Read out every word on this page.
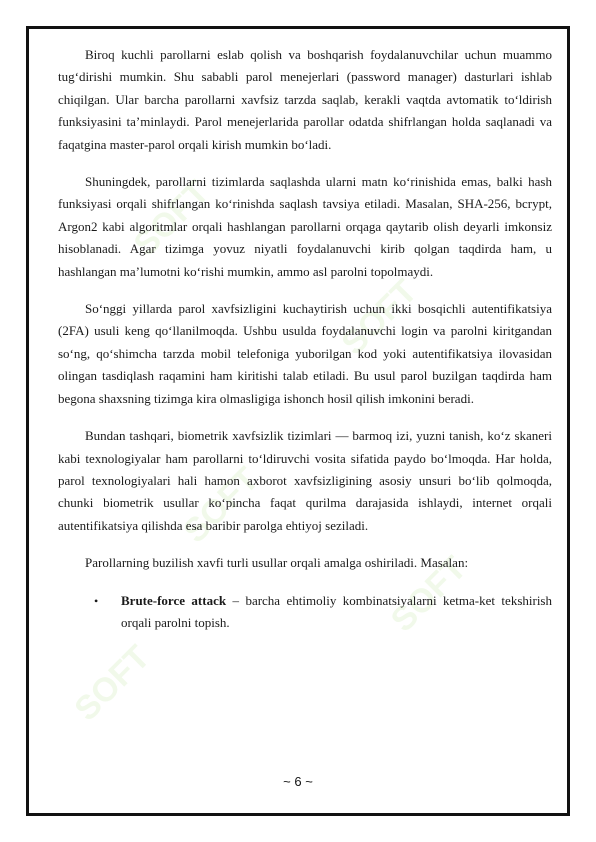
SOFT
SOFT
SOFT
SOFT
SOFT

Biroq kuchli parollarni eslab qolish va boshqarish foydalanuvchilar uchun muammo tug‘dirishi mumkin. Shu sababli parol menejerlari (password manager) dasturlari ishlab chiqilgan. Ular barcha parollarni xavfsiz tarzda saqlab, kerakli vaqtda avtomatik to‘ldirish funksiyasini ta’minlaydi. Parol menejerlarida parollar odatda shifrlangan holda saqlanadi va faqatgina master-parol orqali kirish mumkin bo‘ladi.

Shuningdek, parollarni tizimlarda saqlashda ularni matn ko‘rinishida emas, balki hash funksiyasi orqali shifrlangan ko‘rinishda saqlash tavsiya etiladi. Masalan, SHA-256, bcrypt, Argon2 kabi algoritmlar orqali hashlangan parollarni orqaga qaytarib olish deyarli imkonsiz hisoblanadi. Agar tizimga yovuz niyatli foydalanuvchi kirib qolgan taqdirda ham, u hashlangan ma’lumotni ko‘rishi mumkin, ammo asl parolni topolmaydi.

So‘nggi yillarda parol xavfsizligini kuchaytirish uchun ikki bosqichli autentifikatsiya (2FA) usuli keng qo‘llanilmoqda. Ushbu usulda foydalanuvchi login va parolni kiritgandan so‘ng, qo‘shimcha tarzda mobil telefoniga yuborilgan kod yoki autentifikatsiya ilovasidan olingan tasdiqlash raqamini ham kiritishi talab etiladi. Bu usul parol buzilgan taqdirda ham begona shaxsning tizimga kira olmasligiga ishonch hosil qilish imkonini beradi.

Bundan tashqari, biometrik xavfsizlik tizimlari — barmoq izi, yuzni tanish, ko‘z skaneri kabi texnologiyalar ham parollarni to‘ldiruvchi vosita sifatida paydo bo‘lmoqda. Har holda, parol texnologiyalari hali hamon axborot xavfsizligining asosiy unsuri bo‘lib qolmoqda, chunki biometrik usullar ko‘pincha faqat qurilma darajasida ishlaydi, internet orqali autentifikatsiya qilishda esa baribir parolga ehtiyoj seziladi.

Parollarning buzilish xavfi turli usullar orqali amalga oshiriladi. Masalan:

• Brute-force attack – barcha ehtimoliy kombinatsiyalarni ketma-ket tekshirish orqali parolni topish.
~ 6 ~
